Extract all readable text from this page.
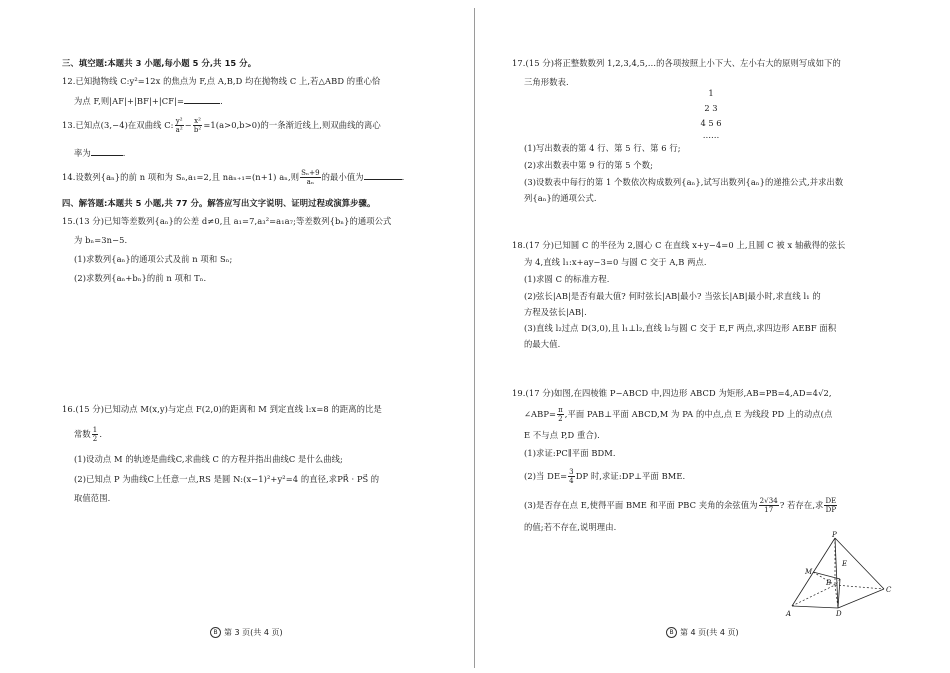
三、填空题:本题共 3 小题,每小题 5 分,共 15 分。
12.已知抛物线 C:y²=12x 的焦点为 F,点 A,B,D 均在抛物线 C 上,若△ABD 的重心恰
为点 F,则|AF|+|BF|+|CF|=	.
13.已知点(3,−4)在双曲线 C: $\frac{\text{y²}}{\text{a²}} - \frac{\text{x²}}{\text{b²}} =1(a>0,b>0)$的一条渐近线上,则双曲线的离心
率为	.
14.设数列{aₙ}的前 n 项和为 Sₙ,a₁=2,且 naₙ₊₁=(n+1) aₙ,则 $\frac{\text{Sₙ+9}}{\text{aₙ}}$ 的最小值为	.
四、解答题:本题共 5 小题,共 77 分。解答应写出文字说明、证明过程或演算步骤。
15.(13 分)已知等差数列{aₙ}的公差 d≠0,且 a₁=7,a₃²=a₁a₇;等差数列{bₙ}的通项公式
为 bₙ=3n−5.
(1)求数列{aₙ}的通项公式及前 n 项和 Sₙ;
(2)求数列{aₙ+bₙ}的前 n 项和 Tₙ.
16.(15 分)已知动点 M(x,y)与定点 F(2,0)的距离和 M 到定直线 l:x=8 的距离的比是
常数 $\frac{1}{2}$ .
(1)设动点 M 的轨迹是曲线C,求曲线 C 的方程并指出曲线C 是什么曲线;
(2)已知点 P 为曲线C上任意一点,RS 是圆 N:(x−1)²+y²=4 的直径,求PR⃗ · PS⃗ 的
取值范围.
B 第 3 页(共 4 页)
17.(15 分)将正整数数列 1,2,3,4,5,…的各项按照上小下大、左小右大的原则写成如下的
三角形数表.
1
2 3
4 5 6
……
(1)写出数表的第 4 行、第 5 行、第 6 行;
(2)求出数表中第 9 行的第 5 个数;
(3)设数表中每行的第 1 个数依次构成数列{aₙ},试写出数列{aₙ}的递推公式,并求出数
列{aₙ}的通项公式.
18.(17 分)已知圆 C 的半径为 2,圆心 C 在直线 x+y−4=0 上,且圆 C 被 x 轴截得的弦长
为 4,直线 l₁:x+ay−3=0 与圆 C 交于 A,B 两点.
(1)求圆 C 的标准方程.
(2)弦长|AB|是否有最大值? 何时弦长|AB|最小? 当弦长|AB|最小时,求直线 l₁ 的
方程及弦长|AB|.
(3)直线 l₂过点 D(3,0),且 l₁⊥l₂,直线 l₂与圆 C 交于 E,F 两点,求四边形 AEBF 面积
的最大值.
19.(17 分)如图,在四棱锥 P−ABCD 中,四边形 ABCD 为矩形,AB=PB=4,AD=4√2,
∠ABP= $\frac{\pi}{2}$ ,平面 PAB⊥平面 ABCD,M 为 PA 的中点,点 E 为线段 PD 上的动点(点
E 不与点 P,D 重合).
(1)求证:PC∥平面 BDM.
(2)当 $DE= \frac{3}{4}$ DP 时,求证:DP⊥平面 BME.
(3)是否存在点 E,使得平面 BME 和平面 PBC 夹角的余弦值为 $\frac{2√34}{17}$ ? 若存在,求 $\frac{DE}{DP}$
的值;若不存在,说明理由.
P
M
E
B
C
A	D
B 第 4 页(共 4 页)
